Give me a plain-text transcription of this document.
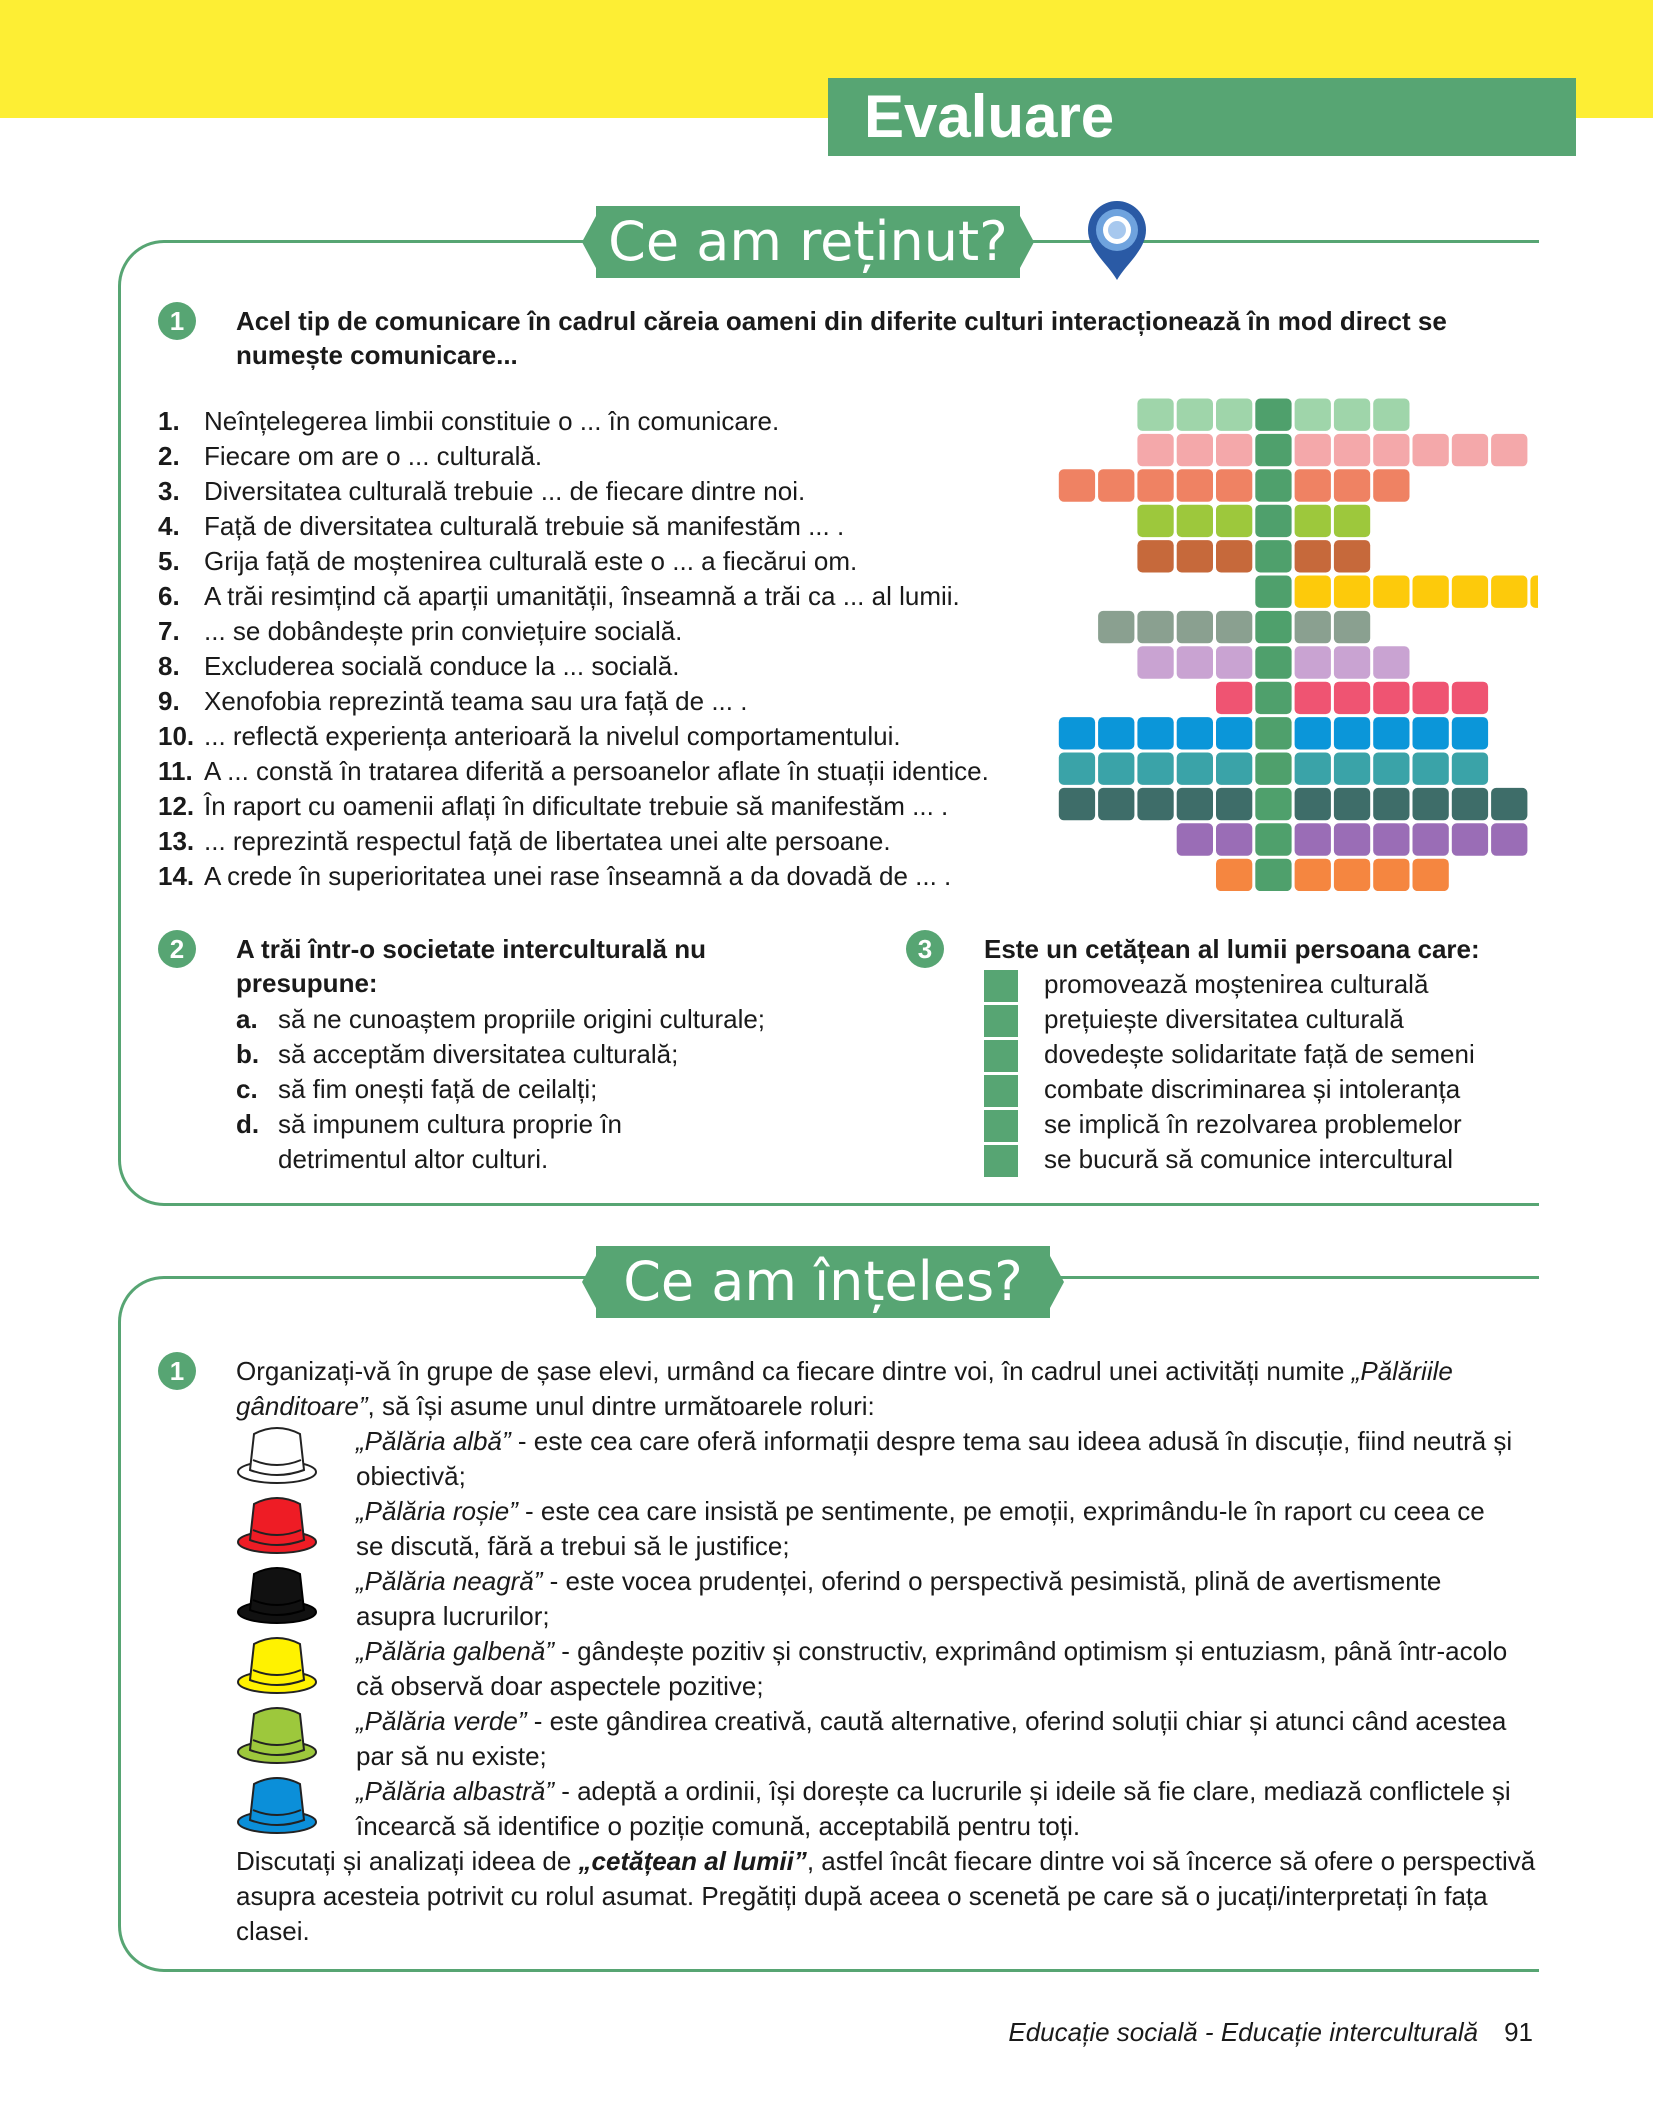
Evaluare
Ce am reținut?
1	Acel tip de comunicare în cadrul căreia oameni din diferite culturi interacționează în mod direct se numește comunicare...
1. Neînțelegerea limbii constituie o ... în comunicare.
2. Fiecare om are o ... culturală.
3. Diversitatea culturală trebuie ... de fiecare dintre noi.
4. Față de diversitatea culturală trebuie să manifestăm ... .
5. Grija față de moștenirea culturală este o ... a fiecărui om.
6. A trăi resimțind că aparții umanității, înseamnă a trăi ca ... al lumii.
7. ... se dobândește prin conviețuire socială.
8. Excluderea socială conduce la ... socială.
9. Xenofobia reprezintă teama sau ura față de ... .
10. ... reflectă experiența anterioară la nivelul comportamentului.
11. A ... constă în tratarea diferită a persoanelor aflate în stuații identice.
12. În raport cu oamenii aflați în dificultate trebuie să manifestăm ... .
13. ... reprezintă respectul față de libertatea unei alte persoane.
14. A crede în superioritatea unei rase înseamnă a da dovadă de ... .
2	A trăi într-o societate interculturală nu presupune:
a. să ne cunoaștem propriile origini culturale;
b. să acceptăm diversitatea culturală;
c. să fim onești față de ceilalți;
d. să impunem cultura proprie în detrimentul altor culturi.
3	Este un cetățean al lumii persoana care:
promovează moștenirea culturală
prețuiește diversitatea culturală
dovedește solidaritate față de semeni
combate discriminarea și intoleranța
se implică în rezolvarea problemelor
se bucură să comunice intercultural
Ce am înțeles?
1	Organizați-vă în grupe de șase elevi, urmând ca fiecare dintre voi, în cadrul unei activități numite „Pălăriile gânditoare”, să își asume unul dintre următoarele roluri:
„Pălăria albă” - este cea care oferă informații despre tema sau ideea adusă în discuție, fiind neutră și obiectivă;
„Pălăria roșie” - este cea care insistă pe sentimente, pe emoții, exprimându-le în raport cu ceea ce se discută, fără a trebui să le justifice;
„Pălăria neagră” - este vocea prudenței, oferind o perspectivă pesimistă, plină de avertismente asupra lucrurilor;
„Pălăria galbenă” - gândește pozitiv și constructiv, exprimând optimism și entuziasm, până într-acolo că observă doar aspectele pozitive;
„Pălăria verde” - este gândirea creativă, caută alternative, oferind soluții chiar și atunci când acestea par să nu existe;
„Pălăria albastră” - adeptă a ordinii, își dorește ca lucrurile și ideile să fie clare, mediază conflictele și încearcă să identifice o poziție comună, acceptabilă pentru toți.
Discutați și analizați ideea de „cetățean al lumii”, astfel încât fiecare dintre voi să încerce să ofere o perspectivă asupra acesteia potrivit cu rolul asumat. Pregătiți după aceea o scenetă pe care să o jucați/interpretați în fața clasei.
Educație socială - Educație interculturală 91
